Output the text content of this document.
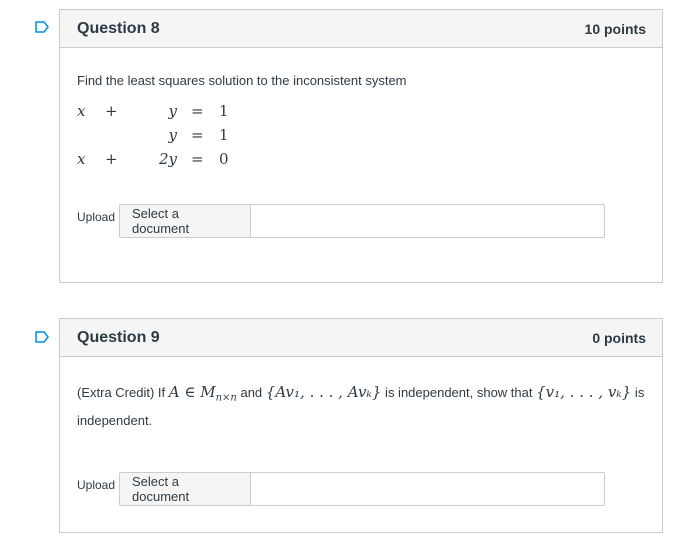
Question 8	10 points
Find the least squares solution to the inconsistent system
x	+	y	=	1
		y	=	1
x	+	2y	=	0
Upload	Select a document
Question 9	0 points
(Extra Credit) If A ∈ $M_{n\times n}$ and {Av₁, . . . , Avₖ} is independent, show that {v₁, . . . , vₖ} is independent.
Upload	Select a document
